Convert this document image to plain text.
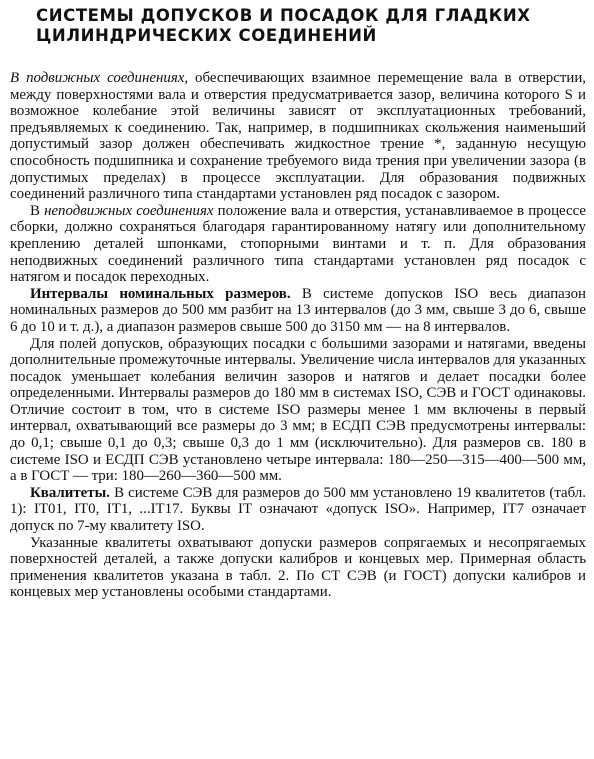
СИСТЕМЫ ДОПУСКОВ И ПОСАДОК ДЛЯ ГЛАДКИХ
ЦИЛИНДРИЧЕСКИХ СОЕДИНЕНИЙ

В подвижных соединениях, обеспечивающих взаимное перемещение вала в отверстии, между поверхностями вала и отверстия предусматривается зазор, величина которого S и возможное колебание этой величины зависят от эксплуатационных требований, предъявляемых к соединению. Так, например, в подшипниках скольжения наименьший допустимый зазор должен обеспечивать жидкостное трение *, заданную несущую способность подшипника и сохранение требуемого вида трения при увеличении зазора (в допустимых пределах) в процессе эксплуатации. Для образования подвижных соединений различного типа стандартами установлен ряд посадок с зазором.

В неподвижных соединениях положение вала и отверстия, устанавливаемое в процессе сборки, должно сохраняться благодаря гарантированному натягу или дополнительному креплению деталей шпонками, стопорными винтами и т. п. Для образования неподвижных соединений различного типа стандартами установлен ряд посадок с натягом и посадок переходных.

Интервалы номинальных размеров. В системе допусков ISO весь диапазон номинальных размеров до 500 мм разбит на 13 интервалов (до 3 мм, свыше 3 до 6, свыше 6 до 10 и т. д.), а диапазон размеров свыше 500 до 3150 мм — на 8 интервалов.

Для полей допусков, образующих посадки с большими зазорами и натягами, введены дополнительные промежуточные интервалы. Увеличение числа интервалов для указанных посадок уменьшает колебания величин зазоров и натягов и делает посадки более определенными. Интервалы размеров до 180 мм в системах ISO, СЭВ и ГОСТ одинаковы. Отличие состоит в том, что в системе ISO размеры менее 1 мм включены в первый интервал, охватывающий все размеры до 3 мм; в ЕСДП СЭВ предусмотрены интервалы: до 0,1; свыше 0,1 до 0,3; свыше 0,3 до 1 мм (исключительно). Для размеров св. 180 в системе ISO и ЕСДП СЭВ установлено четыре интервала: 180—250—315—400—500 мм, а в ГОСТ — три: 180—260—360—500 мм.

Квалитеты. В системе СЭВ для размеров до 500 мм установлено 19 квалитетов (табл. 1): IT01, IT0, IT1, ...IT17. Буквы IT означают «допуск ISO». Например, IT7 означает допуск по 7-му квалитету ISO.

Указанные квалитеты охватывают допуски размеров сопрягаемых и несопрягаемых поверхностей деталей, а также допуски калибров и концевых мер. Примерная область применения квалитетов указана в табл. 2. По СТ СЭВ (и ГОСТ) допуски калибров и концевых мер установлены особыми стандартами.
